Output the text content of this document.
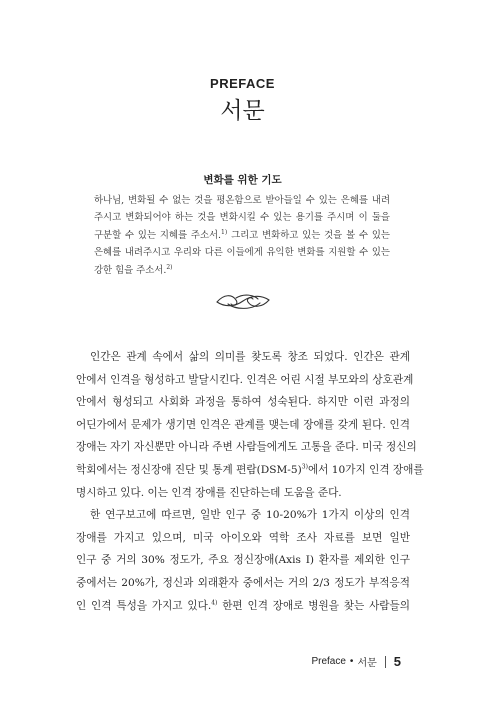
PREFACE
서문
변화를 위한 기도
하나님, 변화될 수 없는 것을 평온함으로 받아들일 수 있는 은혜를 내려
주시고 변화되어야 하는 것을 변화시킬 수 있는 용기를 주시며 이 둘을
구분할 수 있는 지혜를 주소서.$^{1)}$ 그리고 변화하고 있는 것을 볼 수 있는
은혜를 내려주시고 우리와 다른 이들에게 유익한 변화를 지원할 수 있는
강한 힘을 주소서.$^{2)}$
인간은 관계 속에서 삶의 의미를 찾도록 창조 되었다. 인간은 관계
안에서 인격을 형성하고 발달시킨다. 인격은 어린 시절 부모와의 상호관계
안에서 형성되고 사회화 과정을 통하여 성숙된다. 하지만 이런 과정의
어딘가에서 문제가 생기면 인격은 관계를 맺는데 장애를 갖게 된다. 인격
장애는 자기 자신뿐만 아니라 주변 사람들에게도 고통을 준다. 미국 정신의
학회에서는 정신장애 진단 및 통계 편람$(DSM-5)^{3)}$에서 10가지 인격 장애를
명시하고 있다. 이는 인격 장애를 진단하는데 도움을 준다.
한 연구보고에 따르면, 일반 인구 중 10-20%가 1가지 이상의 인격
장애를 가지고 있으며, 미국 아이오와 역학 조사 자료를 보면 일반
인구 중 거의 30% 정도가, 주요 정신장애(Axis I) 환자를 제외한 인구
중에서는 20%가, 정신과 외래환자 중에서는 거의 2/3 정도가 부적응적
인 인격 특성을 가지고 있다.$^{4)}$ 한편 인격 장애로 병원을 찾는 사람들의
Preface • 서문 5
